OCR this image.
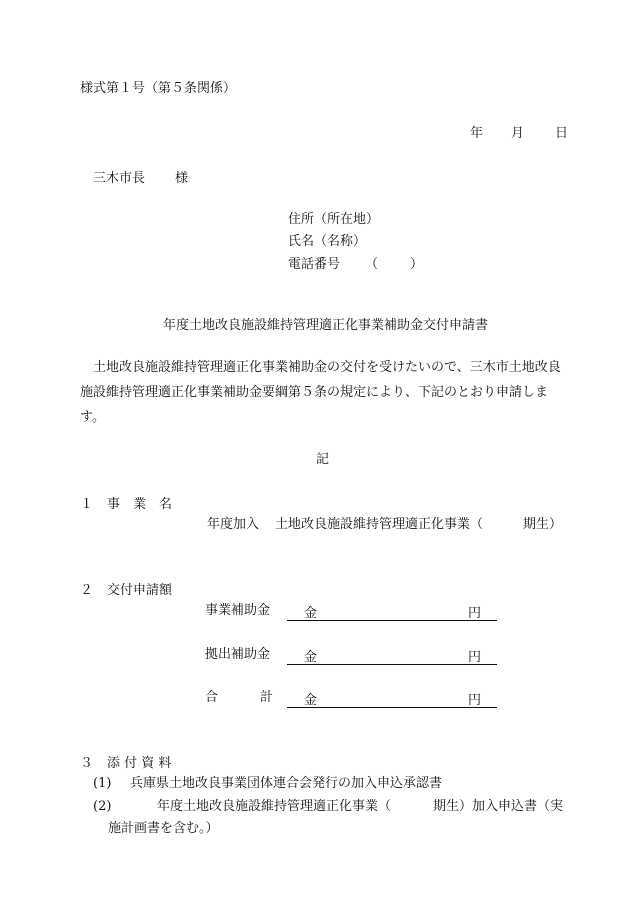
様式第１号（第５条関係）
年 月 日
三木市長 様
住所（所在地）
氏名（名称）
電話番号 （ ）
年度土地改良施設維持管理適正化事業補助金交付申請書
土地改良施設維持管理適正化事業補助金の交付を受けたいので、三木市土地改良施設維持管理適正化事業補助金要綱第５条の規定により、下記のとおり申請します。
記
１ 事　業　名
年度加入 土地改良施設維持管理適正化事業（	期生）
２ 交付申請額
事業補助金	金	円
拠出補助金	金	円
合	計 金	円
３ 添 付 資 料
(1) 兵庫県土地改良事業団体連合会発行の加入申込承認書
(2)	年度土地改良施設維持管理適正化事業（	期生）加入申込書（実
施計画書を含む。）
